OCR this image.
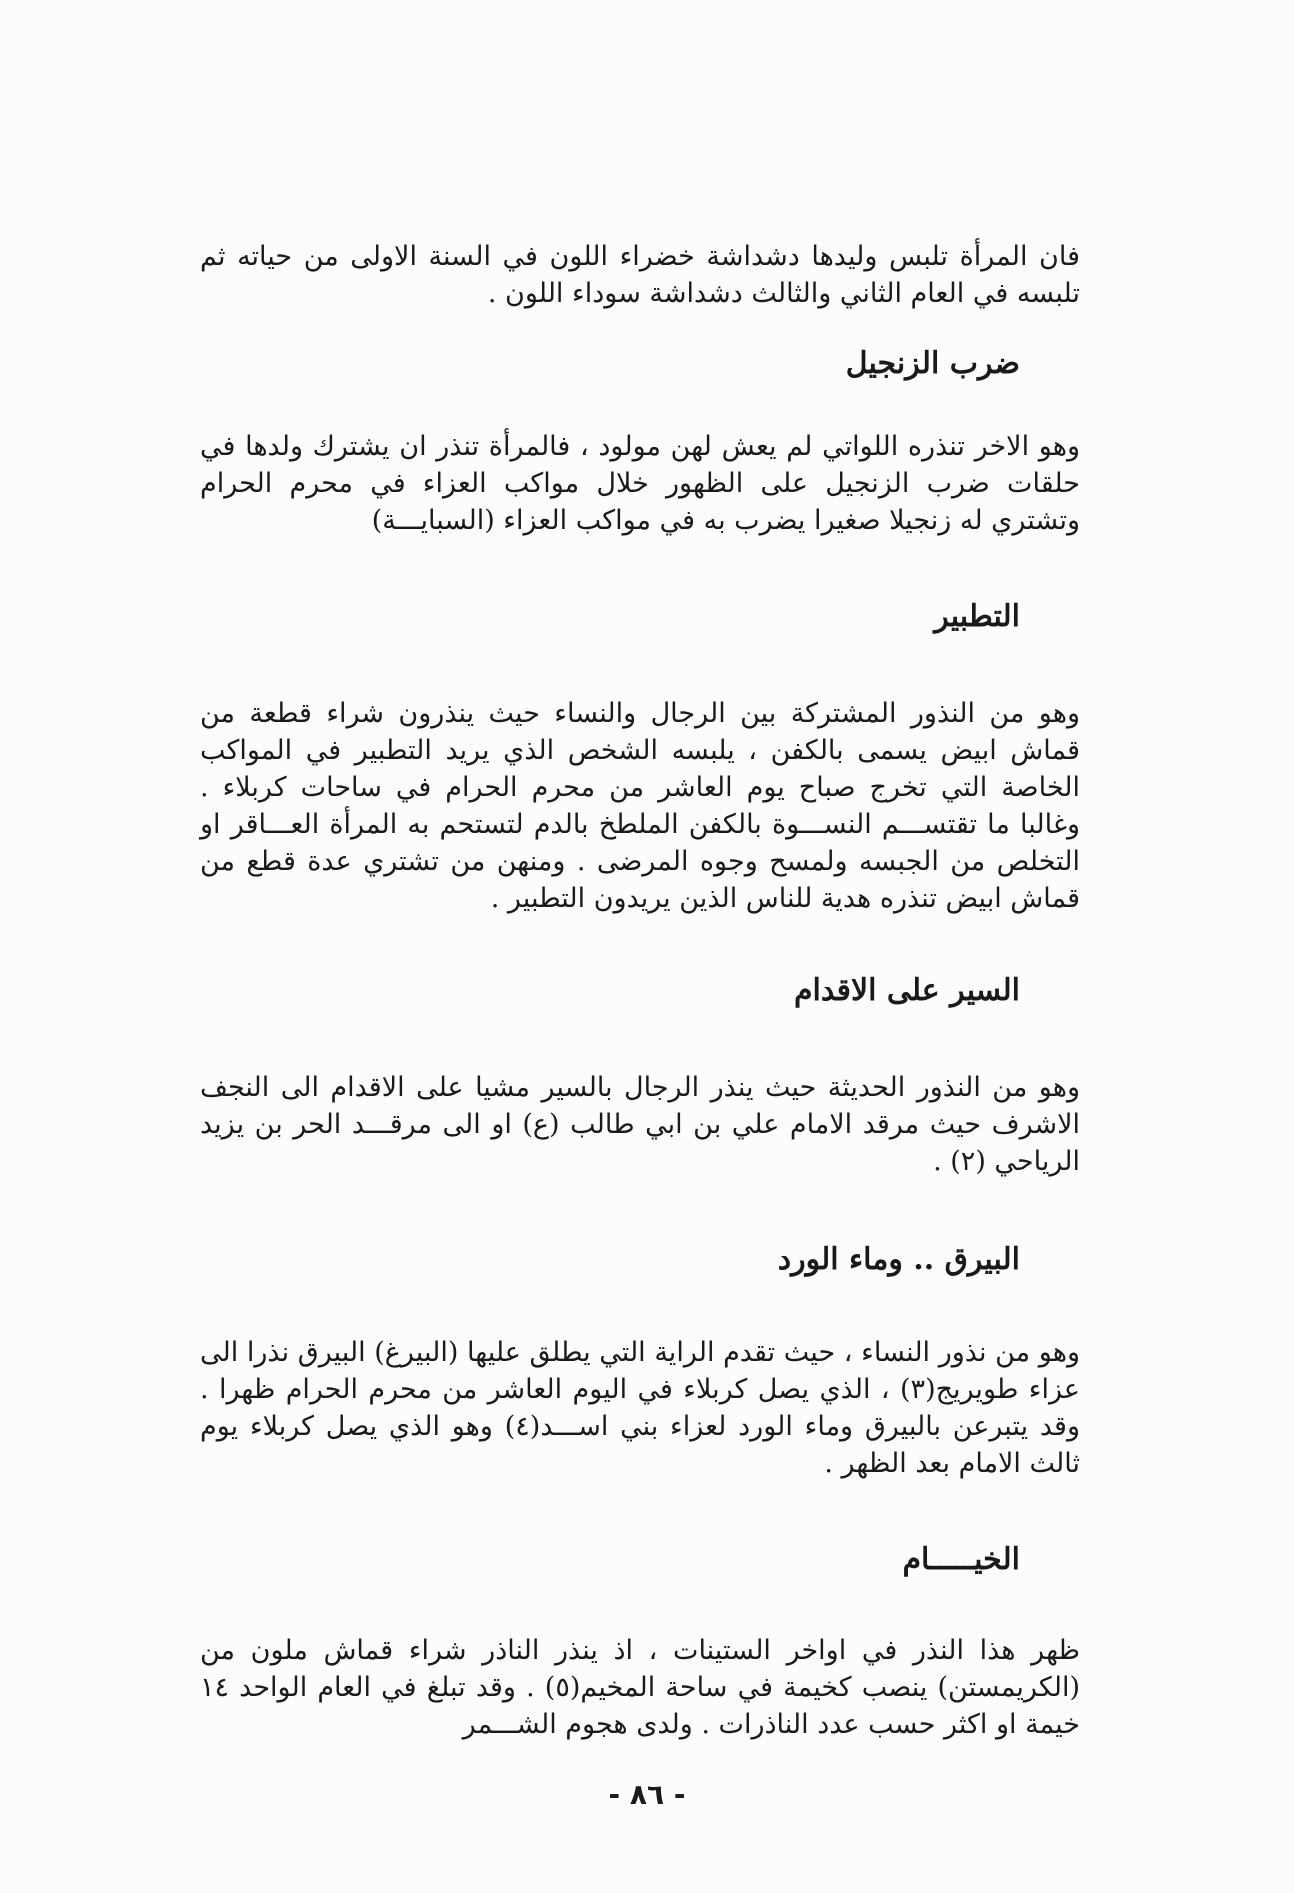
فان المرأة تلبس وليدها دشداشة خضراء اللون في السنة الاولى من حياته ثم تلبسه في العام الثاني والثالث دشداشة سوداء اللون .

ضرب الزنجيل

وهو الاخر تنذره اللواتي لم يعش لهن مولود ، فالمرأة تنذر ان يشترك ولدها في حلقات ضرب الزنجيل على الظهور خلال مواكب العزاء في محرم الحرام وتشتري له زنجيلا صغيرا يضرب به في مواكب العزاء (السبايـــة)

التطبير

وهو من النذور المشتركة بين الرجال والنساء حيث ينذرون شراء قطعة من قماش ابيض يسمى بالكفن ، يلبسه الشخص الذي يريد التطبير في المواكب الخاصة التي تخرج صباح يوم العاشر من محرم الحرام في ساحات كربلاء . وغالبا ما تقتســـم النســـوة بالكفن الملطخ بالدم لتستحم به المرأة العـــاقر او التخلص من الجبسه ولمسح وجوه المرضى . ومنهن من تشتري عدة قطع من قماش ابيض تنذره هدية للناس الذين يريدون التطبير .

السير على الاقدام

وهو من النذور الحديثة حيث ينذر الرجال بالسير مشيا على الاقدام الى النجف الاشرف حيث مرقد الامام علي بن ابي طالب (ع) او الى مرقـــد الحر بن يزيد الرياحي (٢) .

البيرق .. وماء الورد

وهو من نذور النساء ، حيث تقدم الراية التي يطلق عليها (البيرغ) البيرق نذرا الى عزاء طويريج(٣) ، الذي يصل كربلاء في اليوم العاشر من محرم الحرام ظهرا . وقد يتبرعن بالبيرق وماء الورد لعزاء بني اســـد(٤) وهو الذي يصل كربلاء يوم ثالث الامام بعد الظهر .

الخيـــــام

ظهر هذا النذر في اواخر الستينات ، اذ ينذر الناذر شراء قماش ملون من (الكريمستن) ينصب كخيمة في ساحة المخيم(٥) . وقد تبلغ في العام الواحد ١٤ خيمة او اكثر حسب عدد الناذرات . ولدى هجوم الشـــمر

- ٨٦ -
